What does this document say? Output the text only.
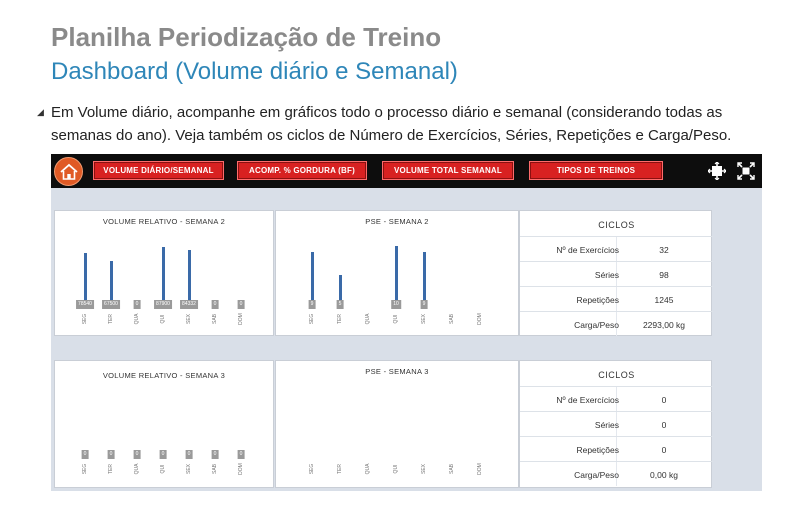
Planilha Periodização de Treino
Dashboard (Volume diário e Semanal)
◢ Em Volume diário, acompanhe em gráficos todo o processo diário e semanal (considerando todas as semanas do ano). Veja também os ciclos de Número de Exercícios, Séries, Repetições e Carga/Peso.
VOLUME DIÁRIO/SEMANAL	ACOMP. % GORDURA (BF)	VOLUME TOTAL SEMANAL	TIPOS DE TREINOS
VOLUME RELATIVO - SEMANA 2
78540
SEG
67500
TER
0
QUA
87900
QUI
84332
SEX
0
SAB
0
DOM
PSE - SEMANA 2
9
SEG
5
TER	QUA
10
QUI
9
SEX	SAB	DOM
CICLOS
Nº de Exercícios	32
Séries	98
Repetições	1245
Carga/Peso	2293,00 kg
VOLUME RELATIVO - SEMANA 3
0
SEG
0
TER
0
QUA
0
QUI
0
SEX
0
SAB
0
DOM
PSE - SEMANA 3
SEG	TER	QUA	QUI	SEX	SAB	DOM
CICLOS
Nº de Exercícios	0
Séries	0
Repetições	0
Carga/Peso	0,00 kg
